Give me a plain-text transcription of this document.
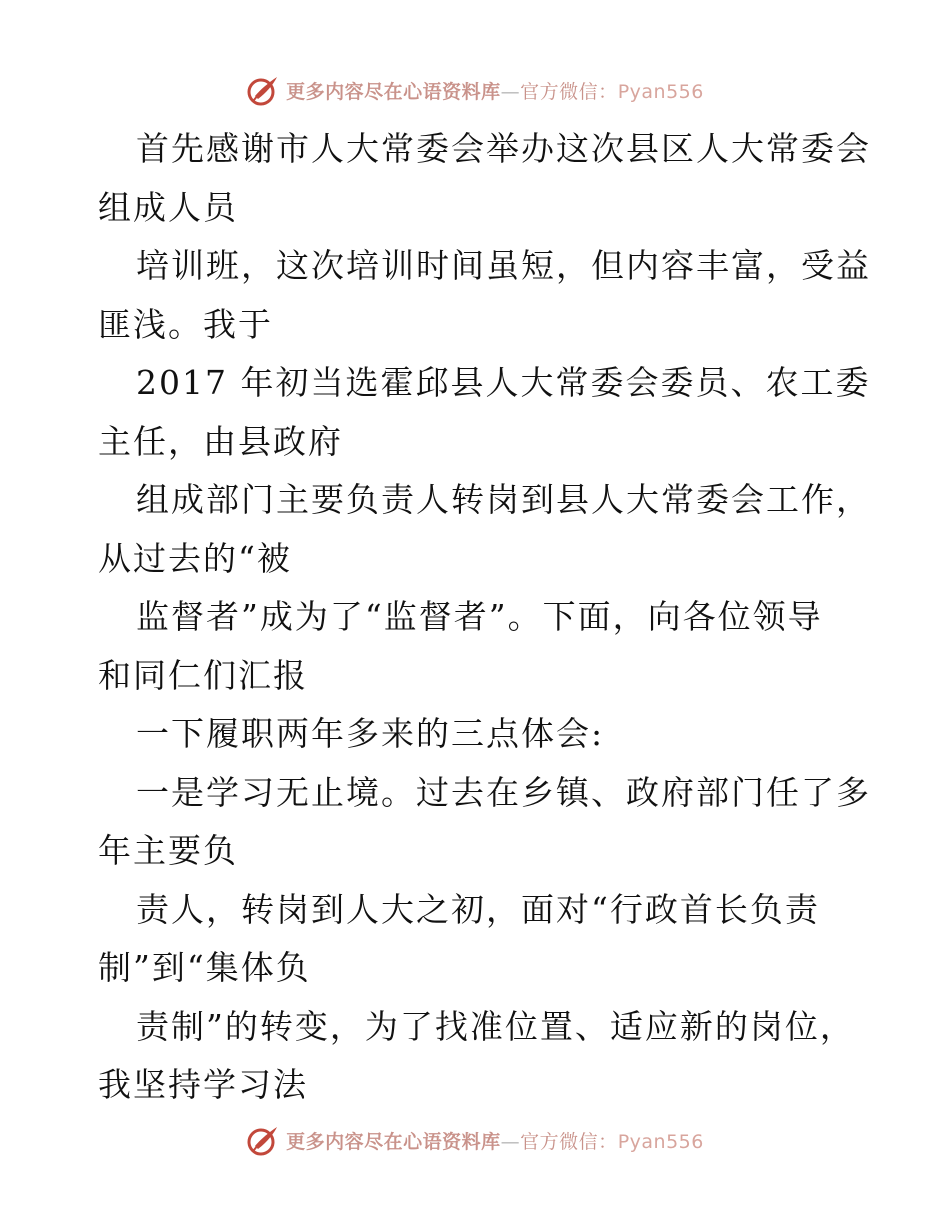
更多内容尽在心语资料库—官方微信：Pyan556
首先感谢市人大常委会举办这次县区人大常委会
组成人员
培训班，这次培训时间虽短，但内容丰富，受益
匪浅。我于
2017 年初当选霍邱县人大常委会委员、农工委
主任，由县政府
组成部门主要负责人转岗到县人大常委会工作，
从过去的“被
监督者”成为了“监督者”。下面，向各位领导
和同仁们汇报
一下履职两年多来的三点体会:
一是学习无止境。过去在乡镇、政府部门任了多
年主要负
责人，转岗到人大之初，面对“行政首长负责
制”到“集体负
责制”的转变，为了找准位置、适应新的岗位，
我坚持学习法
更多内容尽在心语资料库—官方微信：Pyan556
